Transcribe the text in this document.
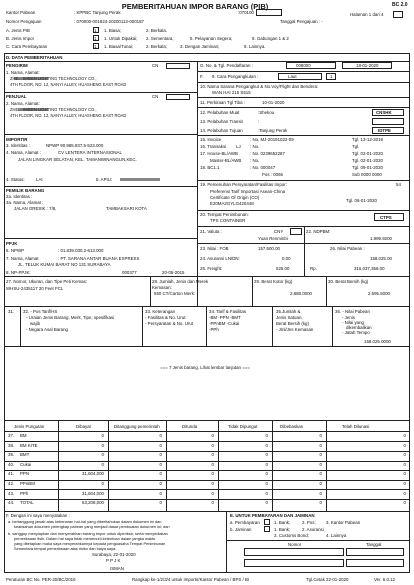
PEMBERITAHUAN IMPOR BARANG (PIB)	BC 2.0
Halaman 1 dari 4
Kantor Pabean	: KPPBC Tanjung Perak	:070100
Nomor Pengajuan	: 070000-001824-20200113-000187	Tanggal Pengajuan : -
A. Jenis PIB	1 1. Biasa;	2. Berkala.
B. Jenis Impor	1 1. Untuk Dipakai; 2. Sementara;	5. Pelayanan Segera;	9. Gabungan 1 & 2
C. Cara Pembayaran	1 1. Biasa/Tunai;	2. Berkala;	3. Dengan Jaminan;	9. Lainnya.
D. DATA PEMBERITAHUAN
PENGIRIM	CN
1. Nama, Alamat:
ZHE... SHEEN LIGHTING TECHNOLOGY CO.,
4TH FLOOR, NO. 12, NANYI ALLEY, HUASHENG EAST ROAD
PENJUAL	CN
2. Nama, Alamat:
ZHE... SHEEN LIGHTING TECHNOLOGY CO.,
4TH FLOOR, NO. 12, NANYI ALLEY, HUASHENG EAST ROAD
IMPORTIR
3. Identitas :	NPWP 90.985.837.5-523.000
4. Nama, Alamat :	CV LENTERA INTERNASIONAL
JALAN LINGKAR SELATAN, KEL. TAMANWINANGUN,KEC.
4. Status:	LAI	5. APIU:
PEMILIK BARANG
2a. Identitas :
3a. Nama, Alamat :
JALAN GRESIK : 7/8,	TAMBAKSARI KOTA
PPJK
6. NPWP	: 01.839.030.2-613.000
7. Nama, Alamat	: PT. SARANA ANTAR BUANA EXPRESS
JL. TELUK KUMAI BARAT NO 131 SURABAYA
8. NP-PPJK:	000377	20-05-2015
G. No. & Tgl. Pendaftaran :	008000	18-01-2020
F. 9. Cara Pengangkutan :	Laut	1
10. Nama Sarana Pengangkut & No.Voy/Flight dan Bendera:
WAN HAI 215 S515
11. Perkiraan Tgl Tiba :	10-01-2020
12. Pelabuhan Muat	:Shekou	CNSHK
13. Pelabuhan Transit	:
14. Pelabuhan Tujuan	:Tanjung Perak	IDTPE
15. Invoice	: No. MJ-20191022-09	Tgl. 13-12-2019
16. Transaksi LJ : No.	Tgl.
17. House-BL/AWB	: No. 0239652287	Tgl. 02-01-2020
Master-BL/AWB : No.	Tgl. 02-01-2020
18. BC1.1	: No. 000047	Tgl. 09-01-2020
Pos : 0066	Sub 0000 0000
19. Pemenuhan Persyaratan/Fasilitas Impor:	54
Preferensi Tarif Importasi Asean-China
Certificate Of Origin (CO)
E20MA2GYLG420448
Tgl. 06-01-2020
20. Tempat Penimbunan:
TPS CONTAINER
CTPS
21. Valuta :	CNY	22. NDPBM:
1.999.9200
Yuan Renminbi
23. Nilai : FOB	157.500.00	26. Nilai Pabean :
24. Asuransi LN/DN:	0.00	158.025.00
25. Freight:	525.00	Rp.	316,037,358.00
27. Nomor, Ukuran, dan Tipe Peti Kemas:
WHSU-2435117 20 Feet FCL
28. Jumlah, Jenis dan Merek
Kemasan:
550 CT/Carton Merk:
29. Berat Kotor (kg)
2.888.0000
30. Berat Bersih (kg)
2.595.5000
31. 32. - Pos Tarif/HS
- Uraian Jenis Barang, Merk, Tipe, spesifikasi
wajib
- Negara Asal Barang
33. Keterangan
- Fasilitas & No. Urut
- Persyaratan & No. Urut
34. Tarif & Fasilitas
-BM -PPN -BMT
-PPnBM -Cukai
-PPh
35.Jumlah &
Jenis Satuan,
Berat Bersih (kg)
- Jml/Jns Kemasan
36. - Nilai Pabean
- Jenis
- Nilai yang
dikembalikan
- Jatah Tempo
158.025.0000
=== 7 Jenis barang. Lihat lembar lanjutan ===
Jenis Pungutan	Dibayar	Ditanggung pemerintah	Ditunda	Tidak Dipungut	Dibebaskan	Telah Dilunasi
37. BM	0	0	0	0	0	0
38. BM KITE	0	0	0	0	0	0
39. BMT	0	0	0	0	0	0
40. Cukai	0	0	0	0	0	0
41. PPN	31,604,000	0	0	0	0	0
42. PPnBM	0	0	0	0	0	0
43. PPh	31,604,000	0	0	0	0	0
44. TOTAL	63,208,000	0	0	0	0	0
F. Dengan ini saya menyatakan :
a. bertanggung jawab atas kebenaran hal-hal yang diberitahukan dalam dokumen ini dan
keabsahan dokumen pelengkap pabean yang menjadi dasar pembuatan dokumen ini; dan
b. sanggup menyiapkan dan menyerahkan barang impor untuk diperiksa, serta menyediakan
pemeriksaan fisik. Dalam hal saya tidak memenuhi ketentuan dalam jangka waktu
yang ditetapkan maka saya menyerahkannya kepada penguasaha Tempat Penimbunan
Sementara tempat pemeriksaan atas risiko dan biaya saya.
Surabaya, 22-01-2020
P P J K
ISMAN
E. UNTUK PEMBAYARAN DAN JAMINAN
a. Pembayaran	1. Bank;	2. Pos; 3. Kantor Pabean
b. Jaminan	1. Bank;	2. Asuransi
3. Customs Bond;	4. Lainnya
Nomor	Tanggal
Peraturan BC No. PER-20/BC/2016	Rangkap ke-1/2/3/4 untuk Importir/Kantor Pabean / BPS / BI	Tgl.Cetak 22-01-2020	Ver. 6.0.12
